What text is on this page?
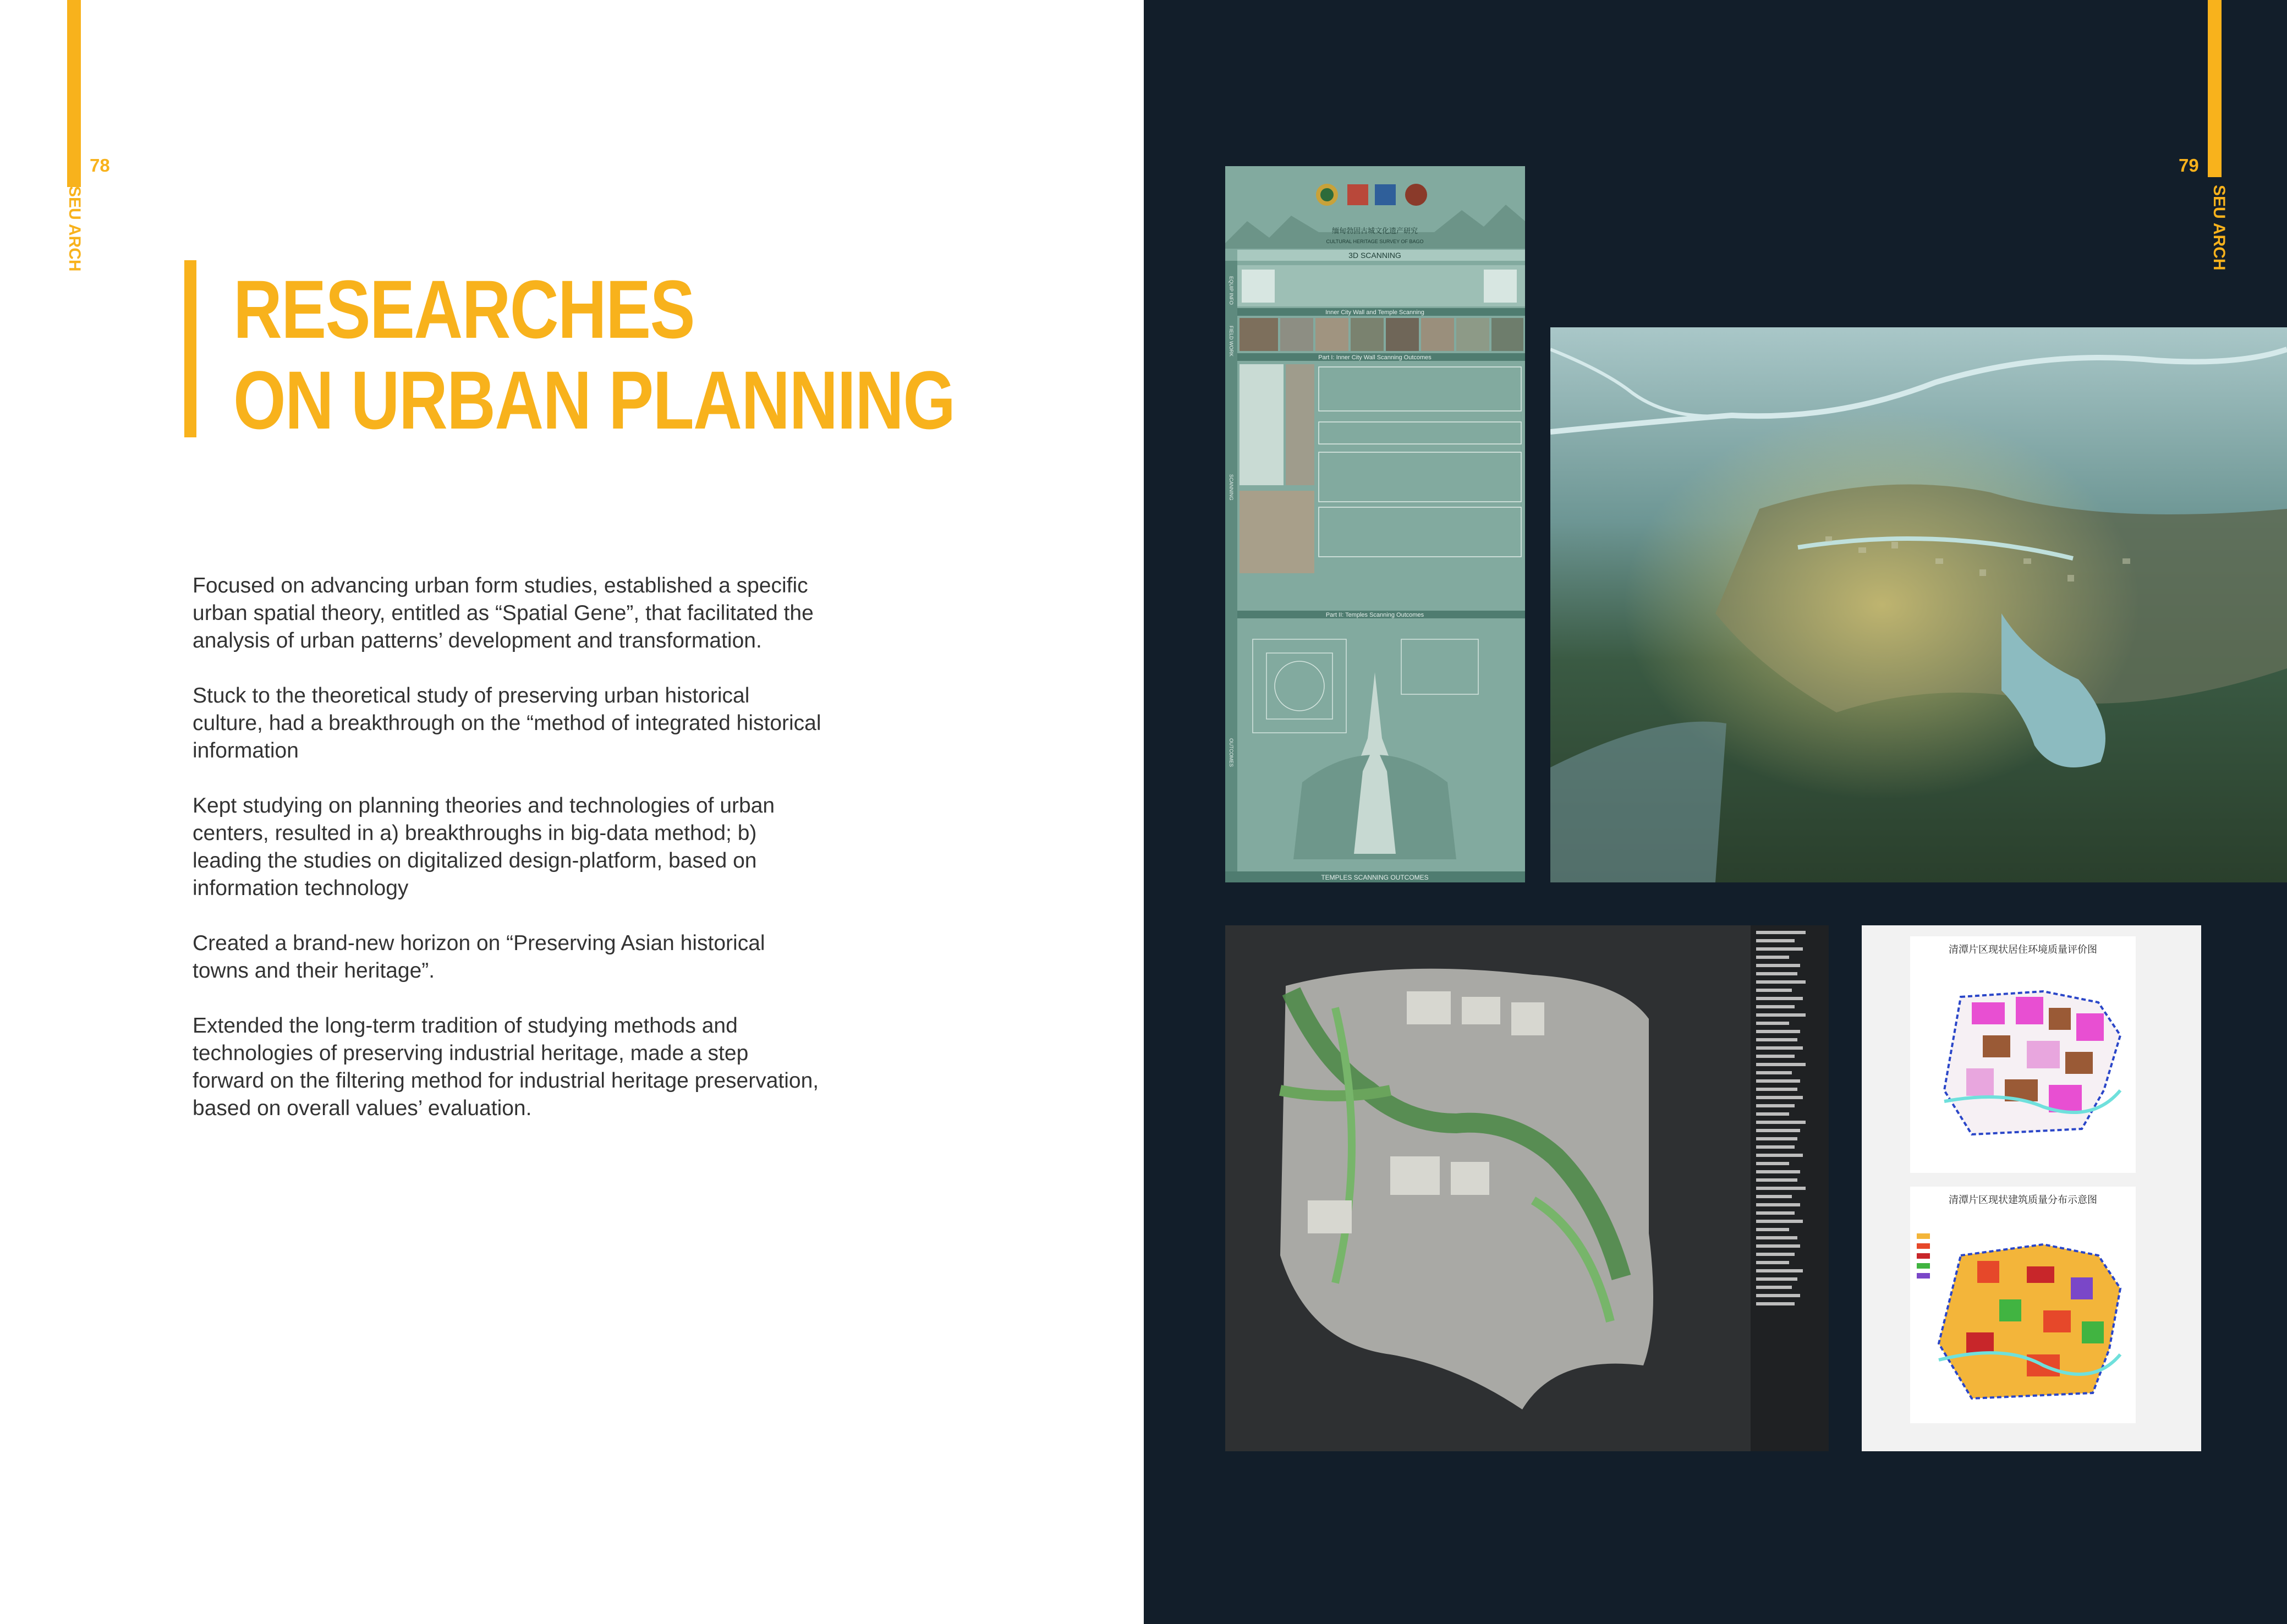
78
SEU ARCH
RESEARCHES
ON URBAN PLANNING

Focused on advancing urban form studies, established a specific urban spatial theory, entitled as “Spatial Gene”, that facilitated the analysis of urban patterns’ development and transformation.

Stuck to the theoretical study of preserving urban historical culture, had a breakthrough on the “method of integrated historical information

Kept studying on planning theories and technologies of urban centers, resulted in a) breakthroughs in big-data method; b) leading the studies on digitalized design-platform, based on information technology

Created a brand-new horizon on “Preserving Asian historical towns and their heritage”.

Extended the long-term tradition of studying methods and technologies of preserving industrial heritage, made a step forward on the filtering method for industrial heritage preservation, based on overall values’ evaluation.

79
SEU ARCH
缅甸勃固古城文化遗产研究
CULTURAL HERITAGE SURVEY OF BAGO
3D SCANNING
Inner City Wall and Temple Scanning
Part I: Inner City Wall Scanning Outcomes
Part II: Temples Scanning Outcomes
TEMPLES SCANNING OUTCOMES
EQUIP INFO
FIELD WORK
SCANNING
OUTCOMES
清潭片区现状居住环境质量评价图
清潭片区现状建筑质量分布示意图
